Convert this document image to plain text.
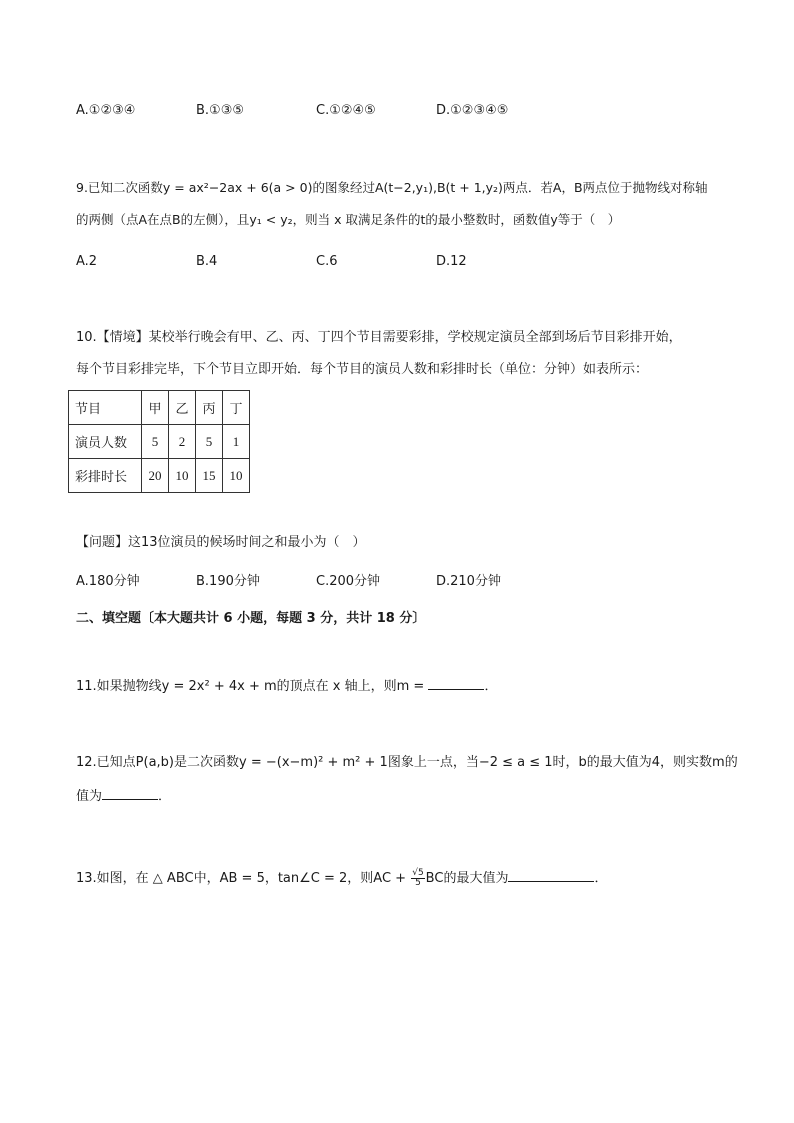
A.①②③④	B.①③⑤	C.①②④⑤	D.①②③④⑤
9.已知二次函数y = ax²−2ax + 6(a > 0)的图象经过A(t−2,y₁),B(t + 1,y₂)两点．若A，B两点位于抛物线对称轴
的两侧（点A在点B的左侧），且y₁ < y₂，则当 x 取满足条件的t的最小整数时，函数值y等于（　）
A.2	B.4	C.6	D.12
10.【情境】某校举行晚会有甲、乙、丙、丁四个节目需要彩排，学校规定演员全部到场后节目彩排开始，
每个节目彩排完毕，下个节目立即开始．每个节目的演员人数和彩排时长（单位：分钟）如表所示：
节目	甲	乙	丙	丁
演员人数	5	2	5	1
彩排时长	20	10	15	10
【问题】这13位演员的候场时间之和最小为（　）
A.180分钟	B.190分钟	C.200分钟	D.210分钟
二、填空题〔本大题共计 6 小题，每题 3 分，共计 18 分〕
11.如果抛物线y = 2x² + 4x + m的顶点在 x 轴上，则m =	．
12.已知点P(a,b)是二次函数y = −(x−m)² + m² + 1图象上一点，当−2 ≤ a ≤ 1时，b的最大值为4，则实数m的
值为	．
13.如图，在 △ ABC中，AB = 5，tan∠C = 2，则AC + $\frac{√5}{5}$ BC的最大值为	．
